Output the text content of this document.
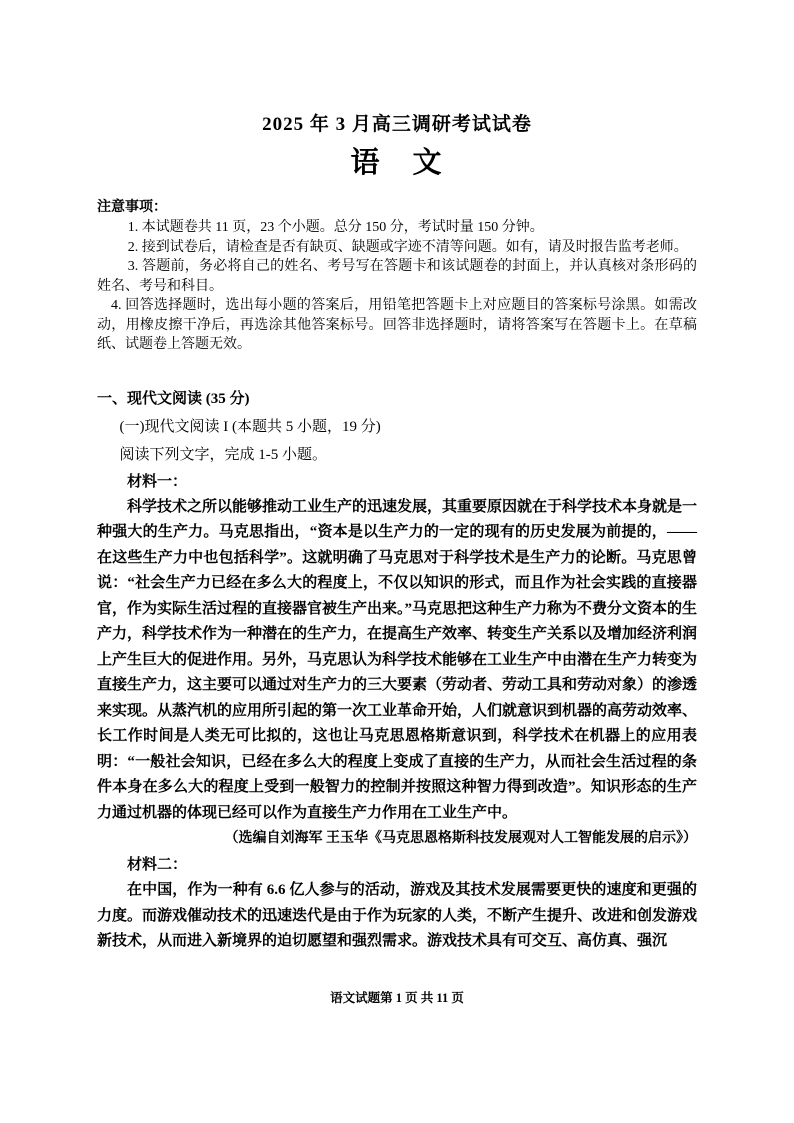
2025 年 3 月高三调研考试试卷
语　文
注意事项：

1. 本试题卷共 11 页，23 个小题。总分 150 分，考试时量 150 分钟。

2. 接到试卷后，请检查是否有缺页、缺题或字迹不清等问题。如有，请及时报告监考老师。

3. 答题前，务必将自己的姓名、考号写在答题卡和该试题卷的封面上，并认真核对条形码的姓名、考号和科目。

4. 回答选择题时，选出每小题的答案后，用铅笔把答题卡上对应题目的答案标号涂黑。如需改动，用橡皮擦干净后，再选涂其他答案标号。回答非选择题时，请将答案写在答题卡上。在草稿纸、试题卷上答题无效。

一、现代文阅读 (35 分)
(一)现代文阅读 I (本题共 5 小题，19 分)
阅读下列文字，完成 1-5 小题。

材料一：

科学技术之所以能够推动工业生产的迅速发展，其重要原因就在于科学技术本身就是一种强大的生产力。马克思指出，“资本是以生产力的一定的现有的历史发展为前提的，——在这些生产力中也包括科学”。这就明确了马克思对于科学技术是生产力的论断。马克思曾说：“社会生产力已经在多么大的程度上，不仅以知识的形式，而且作为社会实践的直接器官，作为实际生活过程的直接器官被生产出来。”马克思把这种生产力称为不费分文资本的生产力，科学技术作为一种潜在的生产力，在提高生产效率、转变生产关系以及增加经济利润上产生巨大的促进作用。另外，马克思认为科学技术能够在工业生产中由潜在生产力转变为直接生产力，这主要可以通过对生产力的三大要素（劳动者、劳动工具和劳动对象）的渗透来实现。从蒸汽机的应用所引起的第一次工业革命开始，人们就意识到机器的高劳动效率、长工作时间是人类无可比拟的，这也让马克思恩格斯意识到，科学技术在机器上的应用表明：“一般社会知识，已经在多么大的程度上变成了直接的生产力，从而社会生活过程的条件本身在多么大的程度上受到一般智力的控制并按照这种智力得到改造”。知识形态的生产力通过机器的体现已经可以作为直接生产力作用在工业生产中。

（选编自刘海军 王玉华《马克思恩格斯科技发展观对人工智能发展的启示》）

材料二：

在中国，作为一种有 6.6 亿人参与的活动，游戏及其技术发展需要更快的速度和更强的力度。而游戏催动技术的迅速迭代是由于作为玩家的人类，不断产生提升、改进和创发游戏新技术，从而进入新境界的迫切愿望和强烈需求。游戏技术具有可交互、高仿真、强沉

语文试题第 1 页 共 11 页
